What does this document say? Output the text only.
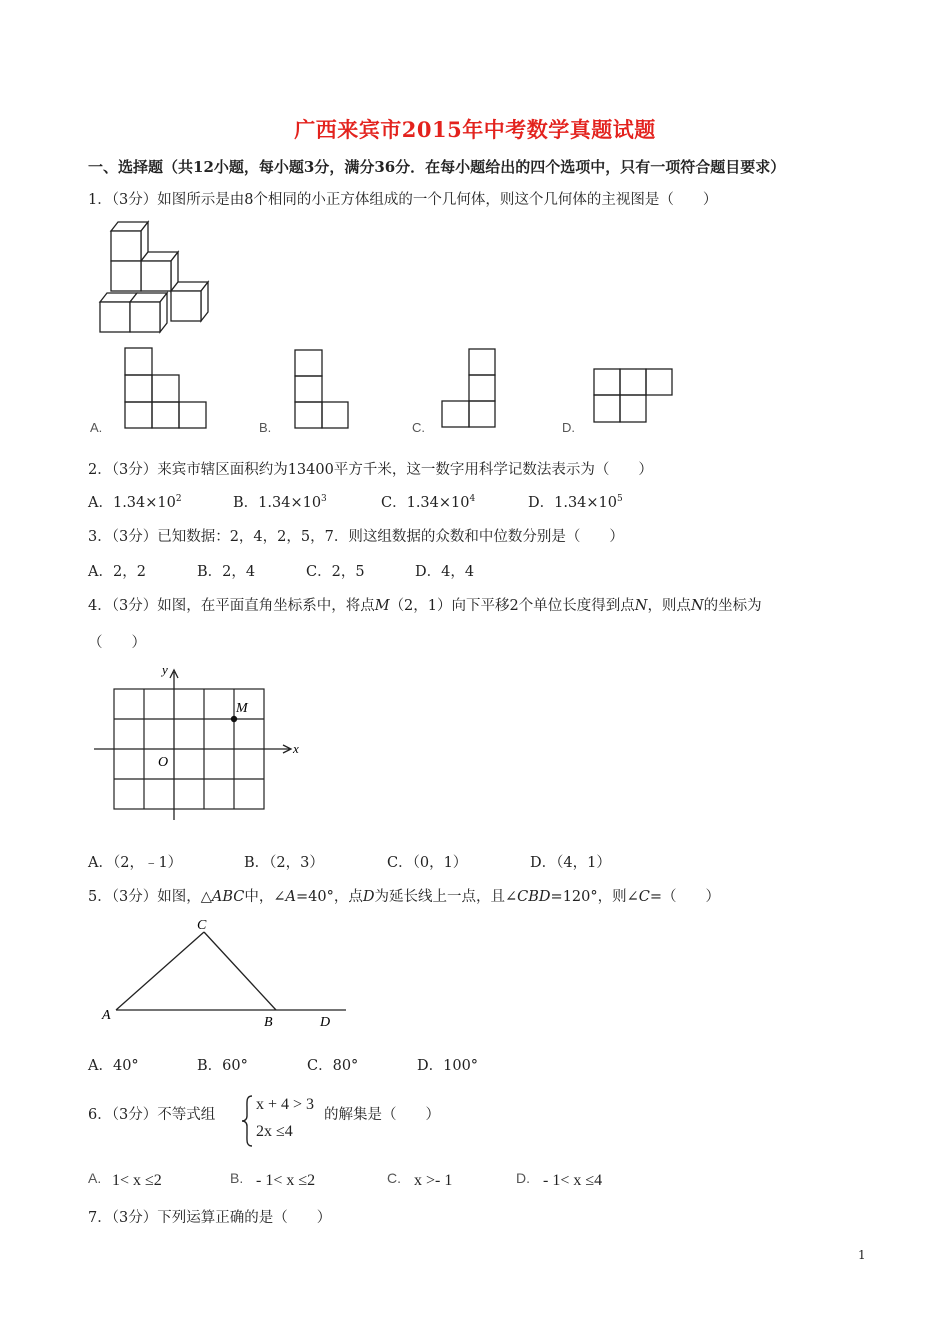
广西来宾市2015年中考数学真题试题
一、选择题（共12小题，每小题3分，满分36分．在每小题给出的四个选项中，只有一项符合题目要求）
1．（3分）如图所示是由8个相同的小正方体组成的一个几何体，则这个几何体的主视图是（　　）
A.	B.	C.	D.
2．（3分）来宾市辖区面积约为13400平方千米，这一数字用科学记数法表示为（　　）
A．$1.34\times 10^2$	B．$1.34\times 10^3$	C．$1.34\times 10^4$	D．$1.34\times 10^5$
3．（3分）已知数据：2，4，2，5，7．则这组数据的众数和中位数分别是（　　）
A．2，2	B．2，4	C．2，5	D．4，4
4．（3分）如图，在平面直角坐标系中，将点M（2，1）向下平移2个单位长度得到点N，则点N的坐标为
（　　）
y
x
O
M
A．（2，﹣1）	B．（2，3）	C．（0，1）	D．（4，1）
5．（3分）如图，△ABC中，∠A=40°，点D为延长线上一点，且∠CBD=120°，则∠C=（　　）
C
A	B	D
A．40°	B．60°	C．80°	D．100°
6．（3分）不等式组
x + 4 > 3
2x ≤4
的解集是（　　）
A. 1< x ≤2	B. - 1< x ≤2	C. x >- 1	D. - 1< x ≤4
7．（3分）下列运算正确的是（　　）
1
